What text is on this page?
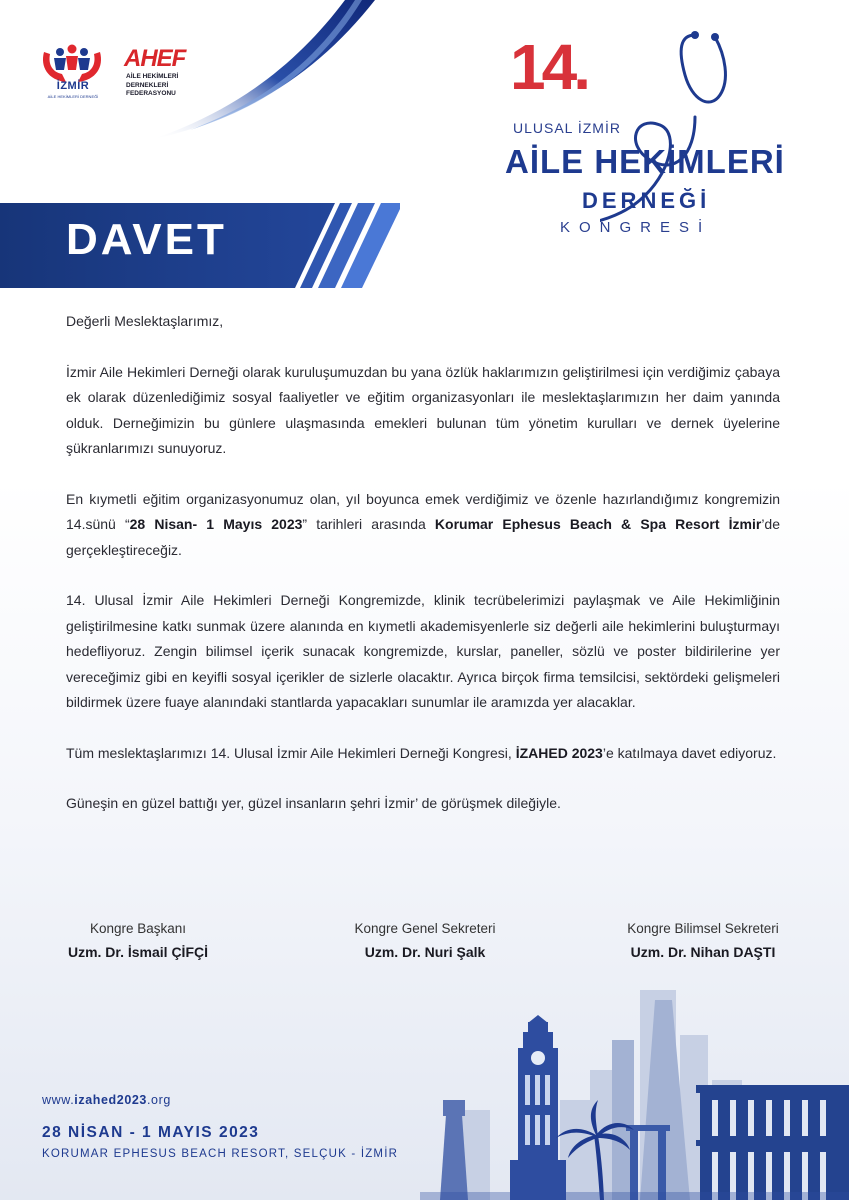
İZMİR
AİLE HEKİMLERİ DERNEĞİ
AHEF
AİLE HEKİMLERİ
DERNEKLERİ
FEDERASYONU	14.
ULUSAL İZMİR
AİLE HEKİMLERİ
DERNEĞİ
KONGRESİ
DAVET

Değerli Meslektaşlarımız,

İzmir Aile Hekimleri Derneği olarak kuruluşumuzdan bu yana özlük haklarımızın geliştirilmesi için verdiğimiz çabaya ek olarak düzenlediğimiz sosyal faaliyetler ve eğitim organizasyonları ile meslektaşlarımızın her daim yanında olduk. Derneğimizin bu günlere ulaşmasında emekleri bulunan tüm yönetim kurulları ve dernek üyelerine şükranlarımızı sunuyoruz.

En kıymetli eğitim organizasyonumuz olan, yıl boyunca emek verdiğimiz ve özenle hazırlandığımız kongremizin 14.sünü “28 Nisan- 1 Mayıs 2023” tarihleri arasında Korumar Ephesus Beach & Spa Resort İzmir’de gerçekleştireceğiz.

14. Ulusal İzmir Aile Hekimleri Derneği Kongremizde, klinik tecrübelerimizi paylaşmak ve Aile Hekimliğinin geliştirilmesine katkı sunmak üzere alanında en kıymetli akademisyenlerle siz değerli aile hekimlerini buluşturmayı hedefliyoruz. Zengin bilimsel içerik sunacak kongremizde, kurslar, paneller, sözlü ve poster bildirilerine yer vereceğimiz gibi en keyifli sosyal içerikler de sizlerle olacaktır. Ayrıca birçok firma temsilcisi, sektördeki gelişmeleri bildirmek üzere fuaye alanındaki stantlarda yapacakları sunumlar ile aramızda yer alacaklar.

Tüm meslektaşlarımızı 14. Ulusal İzmir Aile Hekimleri Derneği Kongresi, İZAHED 2023’e katılmaya davet ediyoruz.

Güneşin en güzel battığı yer, güzel insanların şehri İzmir’ de görüşmek dileğiyle.

Kongre Başkanı
Uzm. Dr. İsmail ÇİFÇİ
Kongre Genel Sekreteri
Uzm. Dr. Nuri Şalk
Kongre Bilimsel Sekreteri
Uzm. Dr. Nihan DAŞTI
www.izahed2023.org
28 NİSAN - 1 MAYIS 2023
KORUMAR EPHESUS BEACH RESORT, SELÇUK - İZMİR
